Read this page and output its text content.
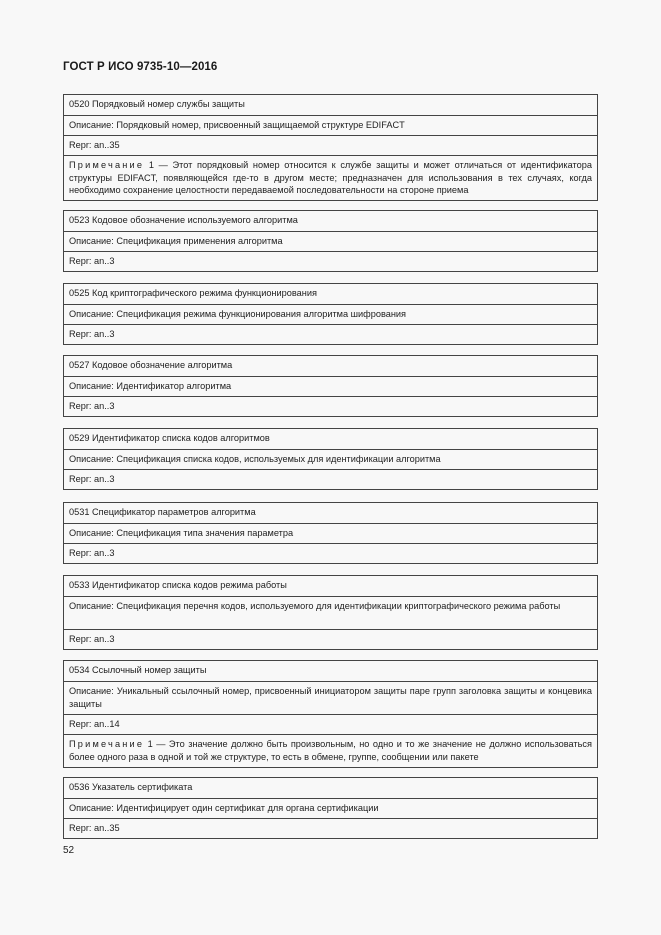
ГОСТ Р ИСО 9735-10—2016
0520 Порядковый номер службы защиты
Описание: Порядковый номер, присвоенный защищаемой структуре EDIFACT
Repr: an..35
Примечание 1 — Этот порядковый номер относится к службе защиты и может отличаться от идентификатора структуры EDIFACT, появляющейся где-то в другом месте; предназначен для использования в тех случаях, когда необходимо сохранение целостности передаваемой последовательности на стороне приема
0523 Кодовое обозначение используемого алгоритма
Описание: Спецификация применения алгоритма
Repr: an..3
0525 Код криптографического режима функционирования
Описание: Спецификация режима функционирования алгоритма шифрования
Repr: an..3
0527 Кодовое обозначение алгоритма
Описание: Идентификатор алгоритма
Repr: an..3
0529 Идентификатор списка кодов алгоритмов
Описание: Спецификация списка кодов, используемых для идентификации алгоритма
Repr: an..3
0531 Спецификатор параметров алгоритма
Описание: Спецификация типа значения параметра
Repr: an..3
0533 Идентификатор списка кодов режима работы
Описание: Спецификация перечня кодов, используемого для идентификации криптографического режима работы
Repr: an..3
0534 Ссылочный номер защиты
Описание: Уникальный ссылочный номер, присвоенный инициатором защиты паре групп заголовка защиты и концевика защиты
Repr: an..14
Примечание 1 — Это значение должно быть произвольным, но одно и то же значение не должно использоваться более одного раза в одной и той же структуре, то есть в обмене, группе, сообщении или пакете
0536 Указатель сертификата
Описание: Идентифицирует один сертификат для органа сертификации
Repr: an..35
52
